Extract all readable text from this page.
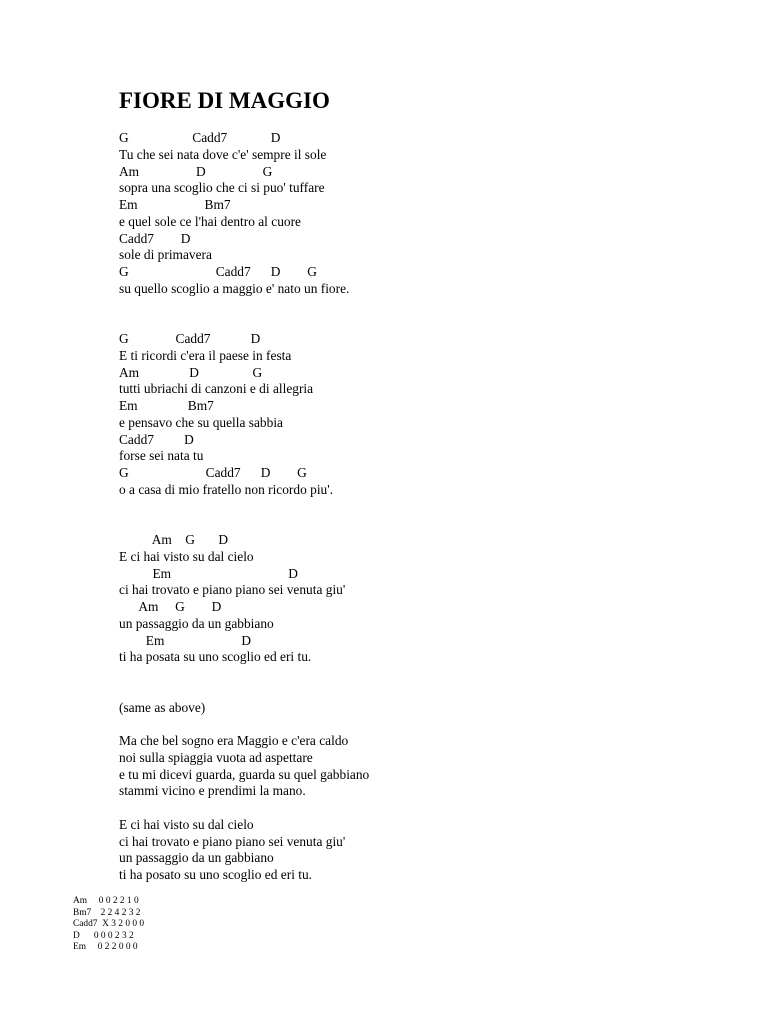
FIORE DI MAGGIO
G                   Cadd7             D
Tu che sei nata dove c'e' sempre il sole
Am                 D                 G
sopra una scoglio che ci si puo' tuffare
Em                    Bm7
e quel sole ce l'hai dentro al cuore
Cadd7        D
sole di primavera
G                          Cadd7      D        G
su quello scoglio a maggio e' nato un fiore.

G              Cadd7            D
E ti ricordi c'era il paese in festa
Am               D                G
tutti ubriachi di canzoni e di allegria
Em               Bm7
e pensavo che su quella sabbia
Cadd7         D
forse sei nata tu
G                       Cadd7      D        G
o a casa di mio fratello non ricordo piu'.

Am    G       D
E ci hai visto su dal cielo
Em                                   D
ci hai trovato e piano piano sei venuta giu'
Am     G        D
un passaggio da un gabbiano
Em                       D
ti ha posata su uno scoglio ed eri tu.

(same as above)

Ma che bel sogno era Maggio e c'era caldo
noi sulla spiaggia vuota ad aspettare
e tu mi dicevi guarda, guarda su quel gabbiano
stammi vicino e prendimi la mano.

E ci hai visto su dal cielo
ci hai trovato e piano piano sei venuta giu'
un passaggio da un gabbiano
ti ha posato su uno scoglio ed eri tu.
Am     0 0 2 2 1 0
Bm7    2 2 4 2 3 2
Cadd7  X 3 2 0 0 0
D      0 0 0 2 3 2
Em     0 2 2 0 0 0
